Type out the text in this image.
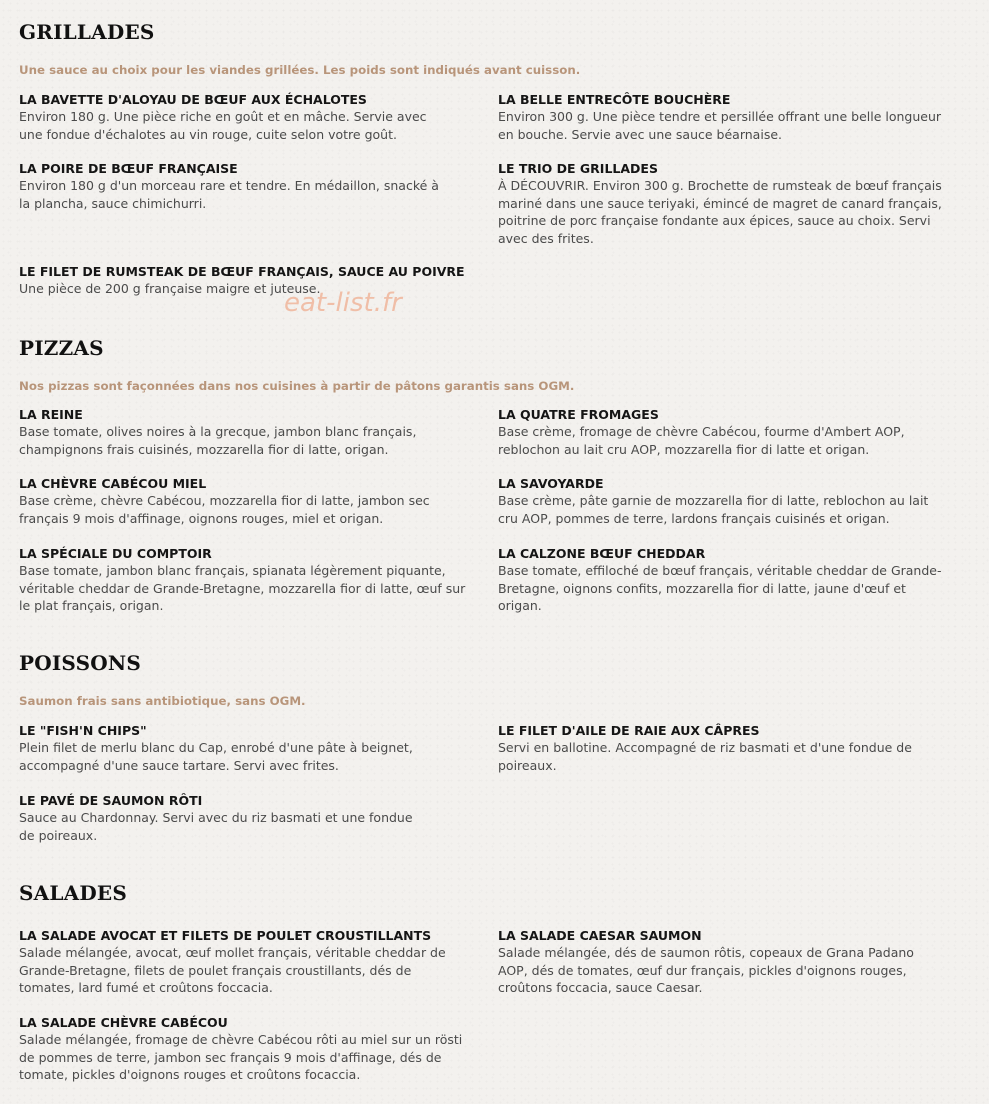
GRILLADES

Une sauce au choix pour les viandes grillées. Les poids sont indiqués avant cuisson.

LA BAVETTE D'ALOYAU DE BŒUF AUX ÉCHALOTES
Environ 180 g. Une pièce riche en goût et en mâche. Servie avec une fondue d'échalotes au vin rouge, cuite selon votre goût.
LA BELLE ENTRECÔTE BOUCHÈRE
Environ 300 g. Une pièce tendre et persillée offrant une belle longueur en bouche. Servie avec une sauce béarnaise.
LA POIRE DE BŒUF FRANÇAISE
Environ 180 g d'un morceau rare et tendre. En médaillon, snacké à la plancha, sauce chimichurri.
LE TRIO DE GRILLADES
À DÉCOUVRIR. Environ 300 g. Brochette de rumsteak de bœuf français mariné dans une sauce teriyaki, émincé de magret de canard français, poitrine de porc française fondante aux épices, sauce au choix. Servi avec des frites.
LE FILET DE RUMSTEAK DE BŒUF FRANÇAIS, SAUCE AU POIVRE
Une pièce de 200 g française maigre et juteuse.
eat-list.fr
PIZZAS

Nos pizzas sont façonnées dans nos cuisines à partir de pâtons garantis sans OGM.

LA REINE
Base tomate, olives noires à la grecque, jambon blanc français, champignons frais cuisinés, mozzarella fior di latte, origan.
LA QUATRE FROMAGES
Base crème, fromage de chèvre Cabécou, fourme d'Ambert AOP, reblochon au lait cru AOP, mozzarella fior di latte et origan.
LA CHÈVRE CABÉCOU MIEL
Base crème, chèvre Cabécou, mozzarella fior di latte, jambon sec français 9 mois d'affinage, oignons rouges, miel et origan.
LA SAVOYARDE
Base crème, pâte garnie de mozzarella fior di latte, reblochon au lait cru AOP, pommes de terre, lardons français cuisinés et origan.
LA SPÉCIALE DU COMPTOIR
Base tomate, jambon blanc français, spianata légèrement piquante, véritable cheddar de Grande-Bretagne, mozzarella fior di latte, œuf sur le plat français, origan.
LA CALZONE BŒUF CHEDDAR
Base tomate, effiloché de bœuf français, véritable cheddar de Grande-Bretagne, oignons confits, mozzarella fior di latte, jaune d'œuf et origan.
POISSONS

Saumon frais sans antibiotique, sans OGM.

LE "FISH'N CHIPS"
Plein filet de merlu blanc du Cap, enrobé d'une pâte à beignet, accompagné d'une sauce tartare. Servi avec frites.
LE FILET D'AILE DE RAIE AUX CÂPRES
Servi en ballotine. Accompagné de riz basmati et d'une fondue de poireaux.
LE PAVÉ DE SAUMON RÔTI
Sauce au Chardonnay. Servi avec du riz basmati et une fondue de poireaux.
SALADES
LA SALADE AVOCAT ET FILETS DE POULET CROUSTILLANTS
Salade mélangée, avocat, œuf mollet français, véritable cheddar de Grande-Bretagne, filets de poulet français croustillants, dés de tomates, lard fumé et croûtons foccacia.
LA SALADE CAESAR SAUMON
Salade mélangée, dés de saumon rôtis, copeaux de Grana Padano AOP, dés de tomates, œuf dur français, pickles d'oignons rouges, croûtons foccacia, sauce Caesar.
LA SALADE CHÈVRE CABÉCOU
Salade mélangée, fromage de chèvre Cabécou rôti au miel sur un rösti de pommes de terre, jambon sec français 9 mois d'affinage, dés de tomate, pickles d'oignons rouges et croûtons focaccia.
